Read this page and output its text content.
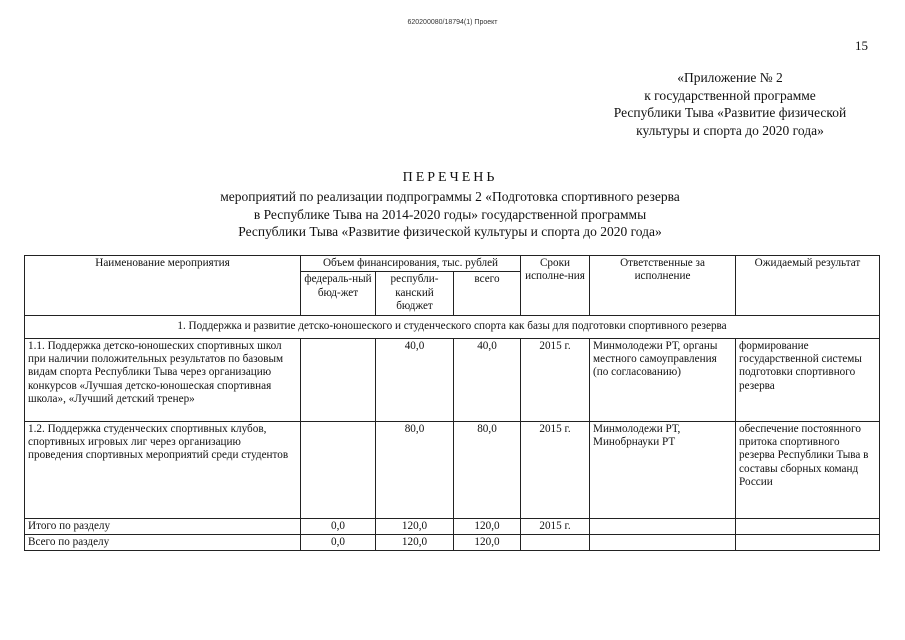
620200080/18794(1) Проект
15
«Приложение № 2
к государственной программе
Республики Тыва «Развитие физической
культуры и спорта до 2020 года»
ПЕРЕЧЕНЬ
мероприятий по реализации подпрограммы 2 «Подготовка спортивного резерва
в Республике Тыва на 2014-2020 годы» государственной программы
Республики Тыва «Развитие физической культуры и спорта до 2020 года»
Наименование мероприятия	Объем финансирования, тыс. рублей			Сроки исполне-ния	Ответственные за исполнение	Ожидаемый результат
	федераль-ный бюд-жет	республи-канский бюджет	всего			
1. Поддержка и развитие детско-юношеского и студенческого спорта как базы для подготовки спортивного резерва						
1.1. Поддержка детско-юношеских спортивных школ при наличии положительных результатов по базовым видам спорта Республики Тыва через организацию конкурсов «Лучшая детско-юношеская спортивная школа», «Лучший детский тренер»		40,0	40,0	2015 г.	Минмолодежи РТ, органы местного самоуправления (по согласованию)	формирование государственной системы подготовки спортивного резерва
1.2. Поддержка студенческих спортивных клубов, спортивных игровых лиг через организацию проведения спортивных мероприятий среди студентов		80,0	80,0	2015 г.	Минмолодежи РТ, Минобрнауки РТ	обеспечение постоянного притока спортивного резерва Республики Тыва в составы сборных команд России
Итого по разделу	0,0	120,0	120,0	2015 г.		
Всего по разделу	0,0	120,0	120,0			
